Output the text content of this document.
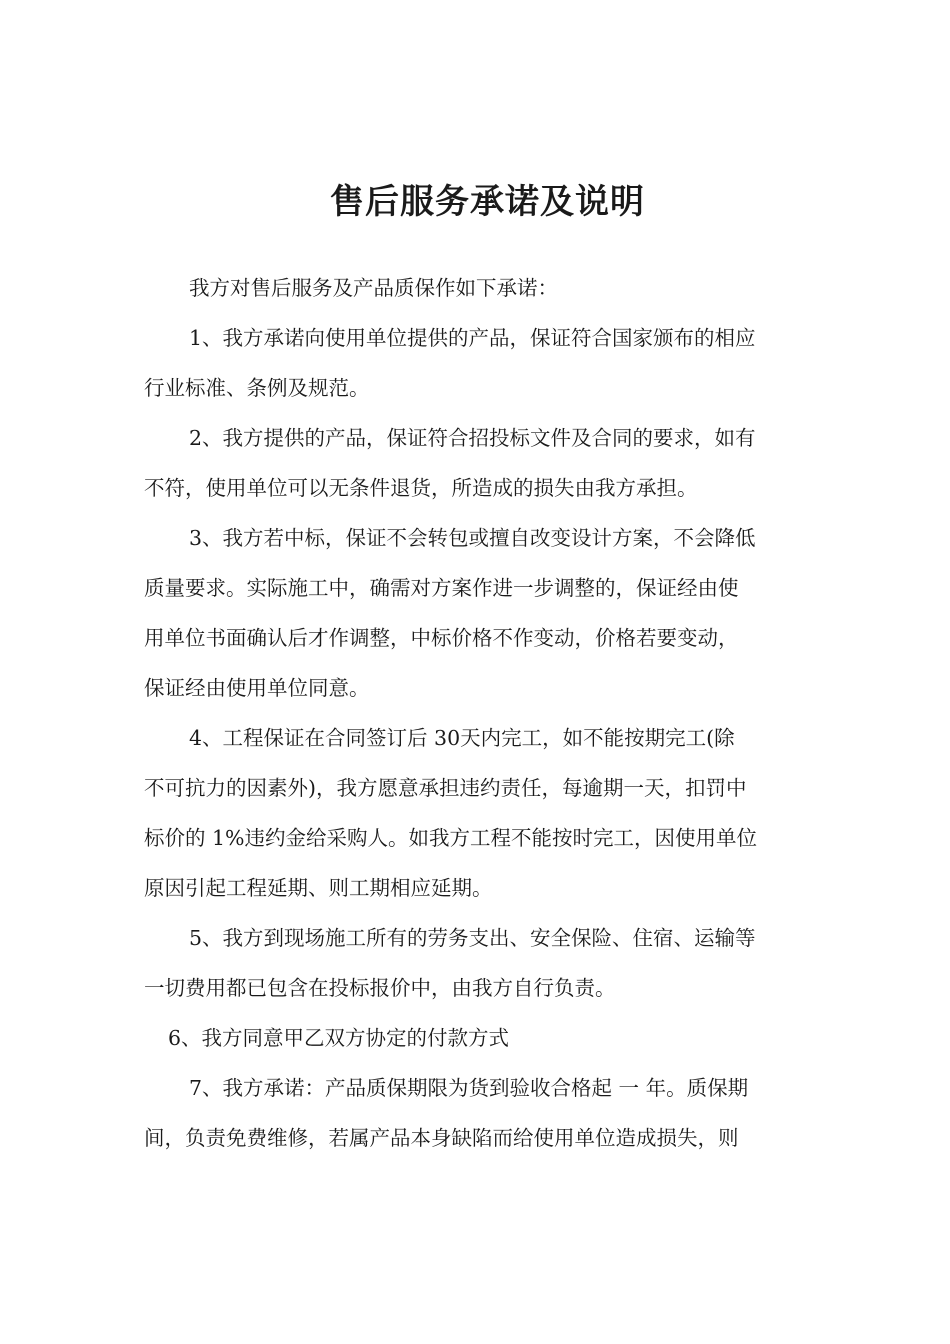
售后服务承诺及说明
我方对售后服务及产品质保作如下承诺：
1、我方承诺向使用单位提供的产品，保证符合国家颁布的相应
行业标准、条例及规范。
2、我方提供的产品，保证符合招投标文件及合同的要求，如有
不符，使用单位可以无条件退货，所造成的损失由我方承担。
3、我方若中标，保证不会转包或擅自改变设计方案，不会降低
质量要求。实际施工中，确需对方案作进一步调整的，保证经由使
用单位书面确认后才作调整，中标价格不作变动，价格若要变动，
保证经由使用单位同意。
4、工程保证在合同签订后 30天内完工，如不能按期完工(除
不可抗力的因素外)，我方愿意承担违约责任，每逾期一天，扣罚中
标价的 1%违约金给采购人。如我方工程不能按时完工，因使用单位
原因引起工程延期、则工期相应延期。
5、我方到现场施工所有的劳务支出、安全保险、住宿、运输等
一切费用都已包含在投标报价中，由我方自行负责。
6、我方同意甲乙双方协定的付款方式
7、我方承诺：产品质保期限为货到验收合格起 一 年。质保期
间，负责免费维修，若属产品本身缺陷而给使用单位造成损失，则
